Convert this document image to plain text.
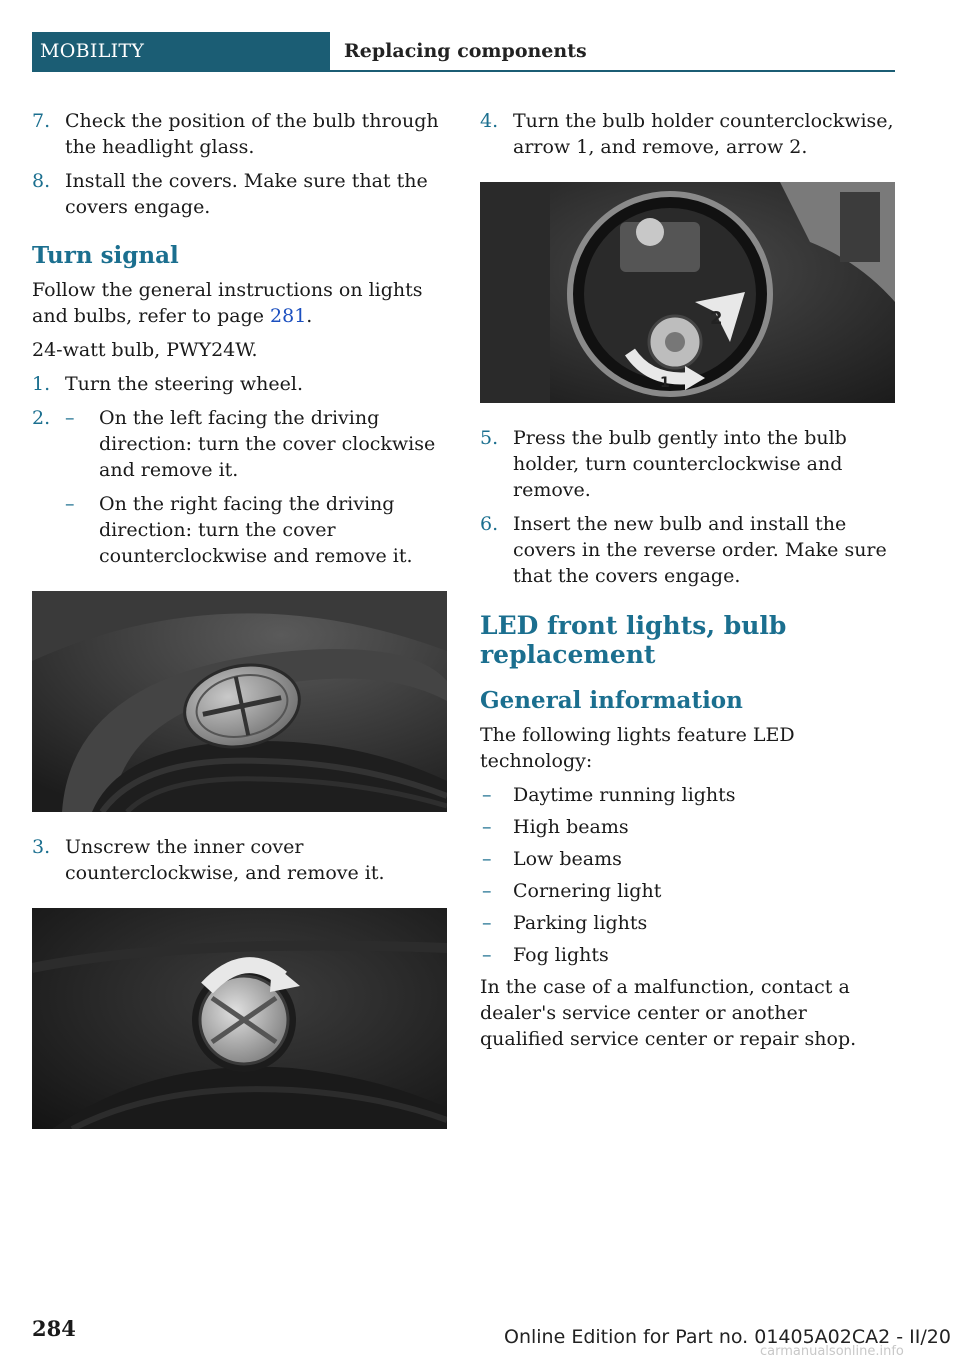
MOBILITY	Replacing components
7. Check the position of the bulb through the headlight glass.
8. Install the covers. Make sure that the covers engage.
Turn signal

Follow the general instructions on lights and bulbs, refer to page 281.

24-watt bulb, PWY24W.

1. Turn the steering wheel.
2. – On the left facing the driving direction: turn the cover clockwise and remove it.
– On the right facing the driving direction: turn the cover counterclockwise and remove it.
3. Unscrew the inner cover counterclockwise, and remove it.
4. Turn the bulb holder counterclockwise, arrow 1, and remove, arrow 2.
2
1
5. Press the bulb gently into the bulb holder, turn counterclockwise and remove.
6. Insert the new bulb and install the covers in the reverse order. Make sure that the covers engage.
LED front lights, bulb replacement
General information

The following lights feature LED technology:

– Daytime running lights
– High beams
– Low beams
– Cornering light
– Parking lights
– Fog lights

In the case of a malfunction, contact a dealer's service center or another qualified service center or repair shop.

284	Online Edition for Part no. 01405A02CA2 - II/20
carmanualsonline.info
